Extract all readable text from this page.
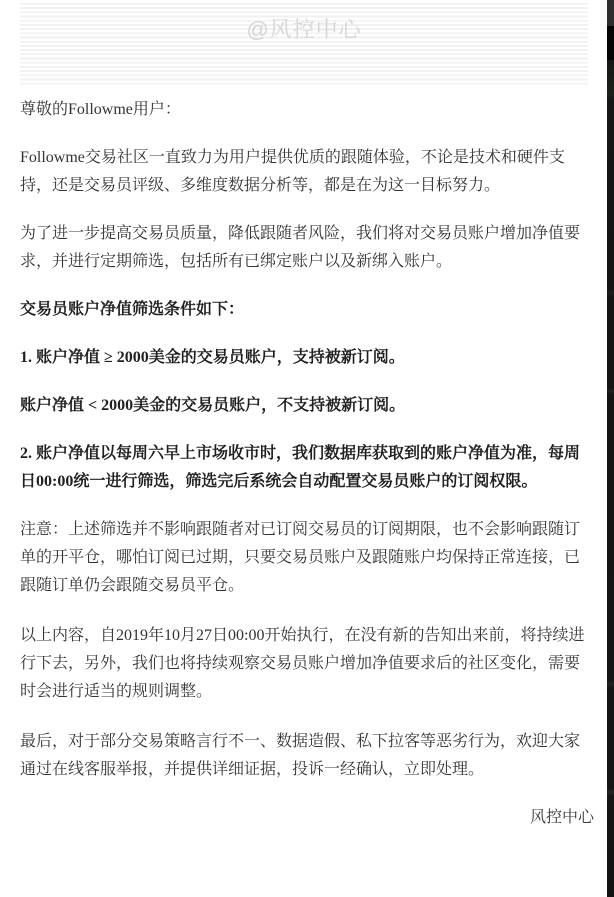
@风控中心

尊敬的Followme用户：

Followme交易社区一直致力为用户提供优质的跟随体验，不论是技术和硬件支持，还是交易员评级、多维度数据分析等，都是在为这一目标努力。

为了进一步提高交易员质量，降低跟随者风险，我们将对交易员账户增加净值要求，并进行定期筛选，包括所有已绑定账户以及新绑入账户。

交易员账户净值筛选条件如下：

1. 账户净值 ≥ 2000美金的交易员账户，支持被新订阅。

账户净值 < 2000美金的交易员账户，不支持被新订阅。

2. 账户净值以每周六早上市场收市时，我们数据库获取到的账户净值为准，每周日00:00统一进行筛选，筛选完后系统会自动配置交易员账户的订阅权限。

注意：上述筛选并不影响跟随者对已订阅交易员的订阅期限，也不会影响跟随订单的开平仓，哪怕订阅已过期，只要交易员账户及跟随账户均保持正常连接，已跟随订单仍会跟随交易员平仓。

以上内容，自2019年10月27日00:00开始执行，在没有新的告知出来前，将持续进行下去，另外，我们也将持续观察交易员账户增加净值要求后的社区变化，需要时会进行适当的规则调整。

最后，对于部分交易策略言行不一、数据造假、私下拉客等恶劣行为，欢迎大家通过在线客服举报，并提供详细证据，投诉一经确认，立即处理。

风控中心
